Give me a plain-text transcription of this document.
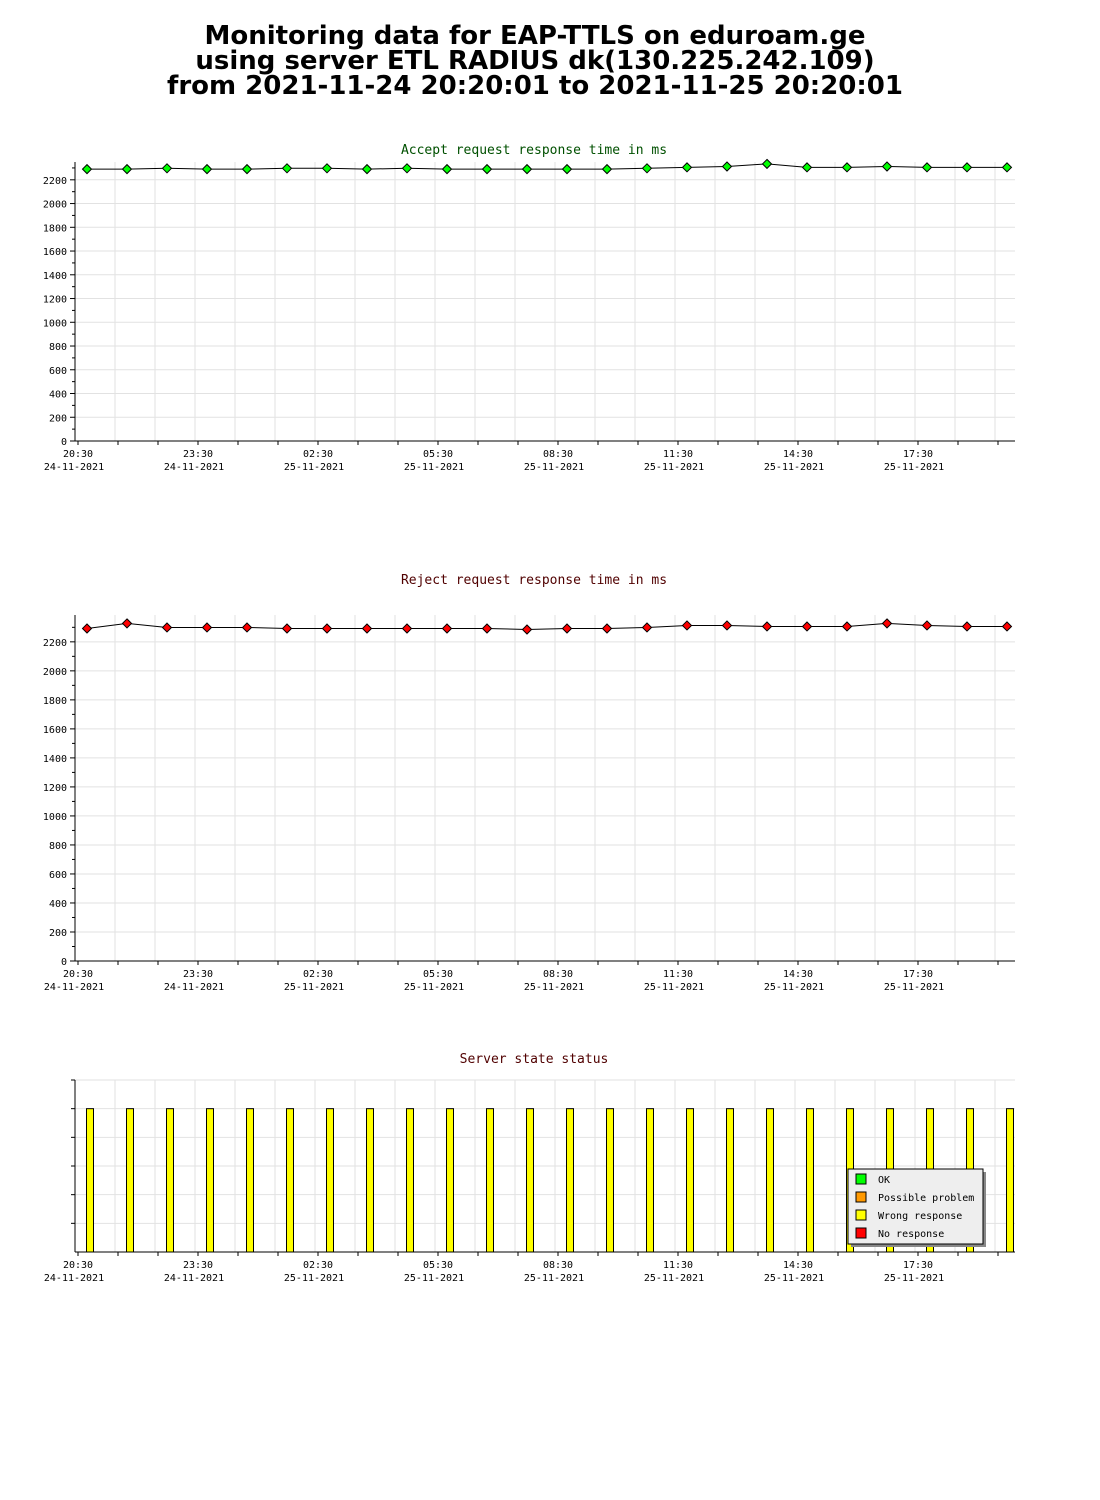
Monitoring data for EAP-TTLS on eduroam.ge
using server ETL RADIUS dk(130.225.242.109)
from 2021-11-24 20:20:01 to 2021-11-25 20:20:01
Accept request response time in ms
0
200
400
600
800
1000
1200
1400
1600
1800
2000
2200
20:30
24-11-2021
23:30
24-11-2021
02:30
25-11-2021
05:30
25-11-2021
08:30
25-11-2021
11:30
25-11-2021
14:30
25-11-2021
17:30
25-11-2021
Reject request response time in ms
0
200
400
600
800
1000
1200
1400
1600
1800
2000
2200
20:30
24-11-2021
23:30
24-11-2021
02:30
25-11-2021
05:30
25-11-2021
08:30
25-11-2021
11:30
25-11-2021
14:30
25-11-2021
17:30
25-11-2021
Server state status
20:30
24-11-2021
23:30
24-11-2021
02:30
25-11-2021
05:30
25-11-2021
08:30
25-11-2021
11:30
25-11-2021
14:30
25-11-2021
17:30
25-11-2021
OK
Possible problem
Wrong response
No response
